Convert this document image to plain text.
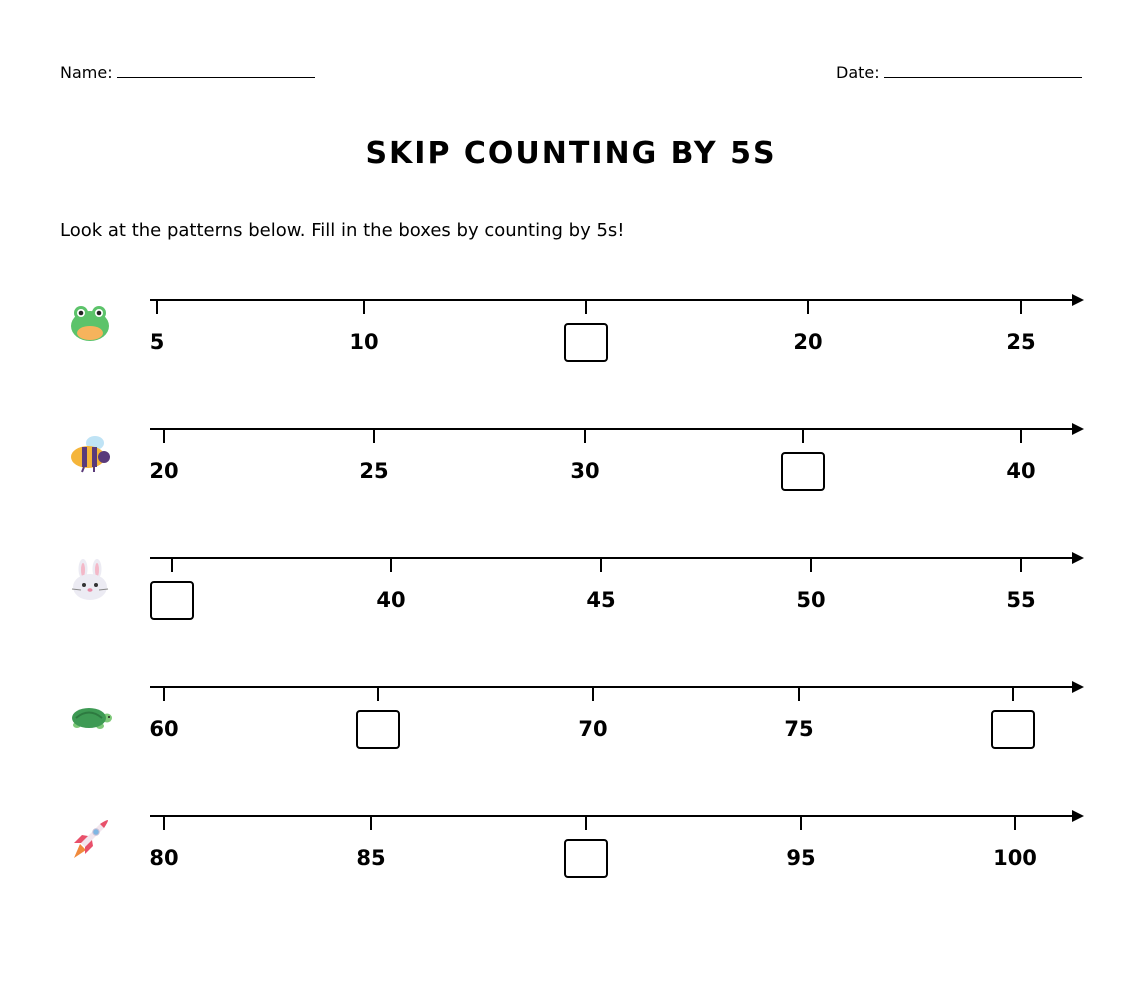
Name:	Date:
SKIP COUNTING BY 5S
Look at the patterns below. Fill in the boxes by counting by 5s!
5	10	20	25
20	25	30	40
40	45	50	55
60	70	75
80	85	95	100
